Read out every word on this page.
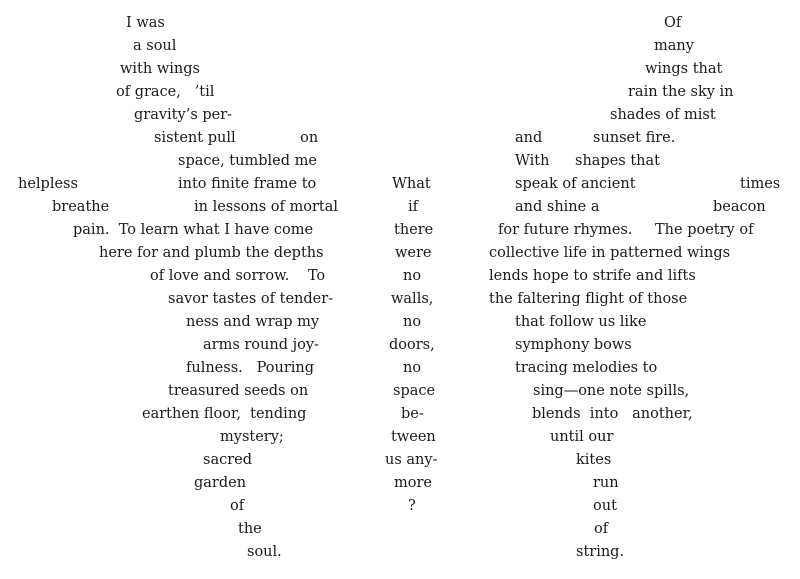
I was
a soul
with wings
of grace,   ’til
gravity’s per-
sistent pull              on
space, tumbled me
helpless	into finite frame to
breathe	in lessons of mortal
pain.  To learn what I have come
here for and plumb the depths
of love and sorrow.    To
savor tastes of tender-
ness and wrap my
arms round joy-
fulness.   Pouring
treasured seeds on
earthen floor,  tending
mystery;
sacred
garden
of
the
soul.
What
if
there
were
no
walls,
no
doors,
no
space
be-
tween
us any-
more
?
Of
many
wings that
rain the sky in
shades of mist
and	sunset fire.
With shapes that
speak of ancient	times
and shine a	beacon
for future rhymes. The poetry of
collective life in patterned wings
lends hope to strife and lifts
the faltering flight of those
that follow us like
symphony bows
tracing melodies to
sing—one note spills,
blends  into   another,
until our
kites
run
out
of
string.
